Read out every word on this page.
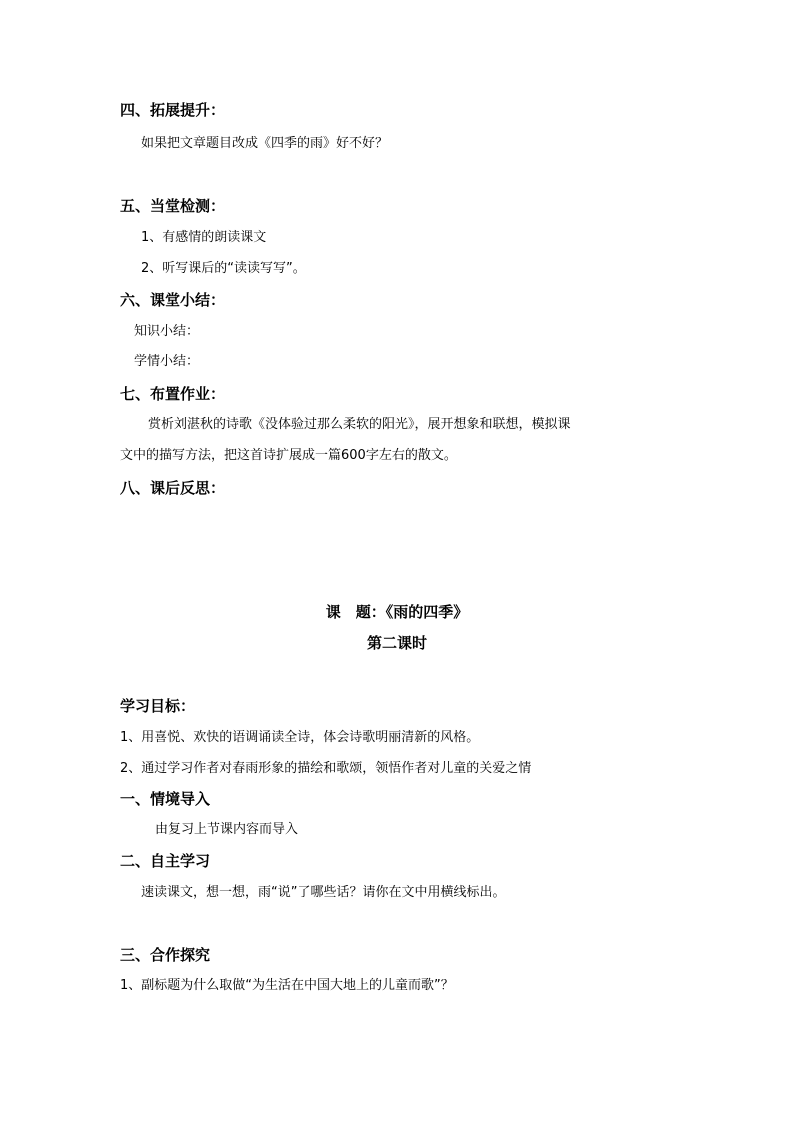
四、拓展提升：
如果把文章题目改成《四季的雨》好不好？
五、当堂检测：
1、有感情的朗读课文
2、听写课后的“读读写写”。
六、课堂小结：
知识小结：
学情小结：
七、布置作业：
赏析刘湛秋的诗歌《没体验过那么柔软的阳光》，展开想象和联想，模拟课
文中的描写方法，把这首诗扩展成一篇600字左右的散文。
八、课后反思：
课　题：《雨的四季》
第二课时
学习目标：
1、用喜悦、欢快的语调诵读全诗，体会诗歌明丽清新的风格。
2、通过学习作者对春雨形象的描绘和歌颂，领悟作者对儿童的关爱之情
一、情境导入
由复习上节课内容而导入
二、自主学习
速读课文，想一想，雨“说”了哪些话？请你在文中用横线标出。
三、合作探究
1、副标题为什么取做“为生活在中国大地上的儿童而歌”？
